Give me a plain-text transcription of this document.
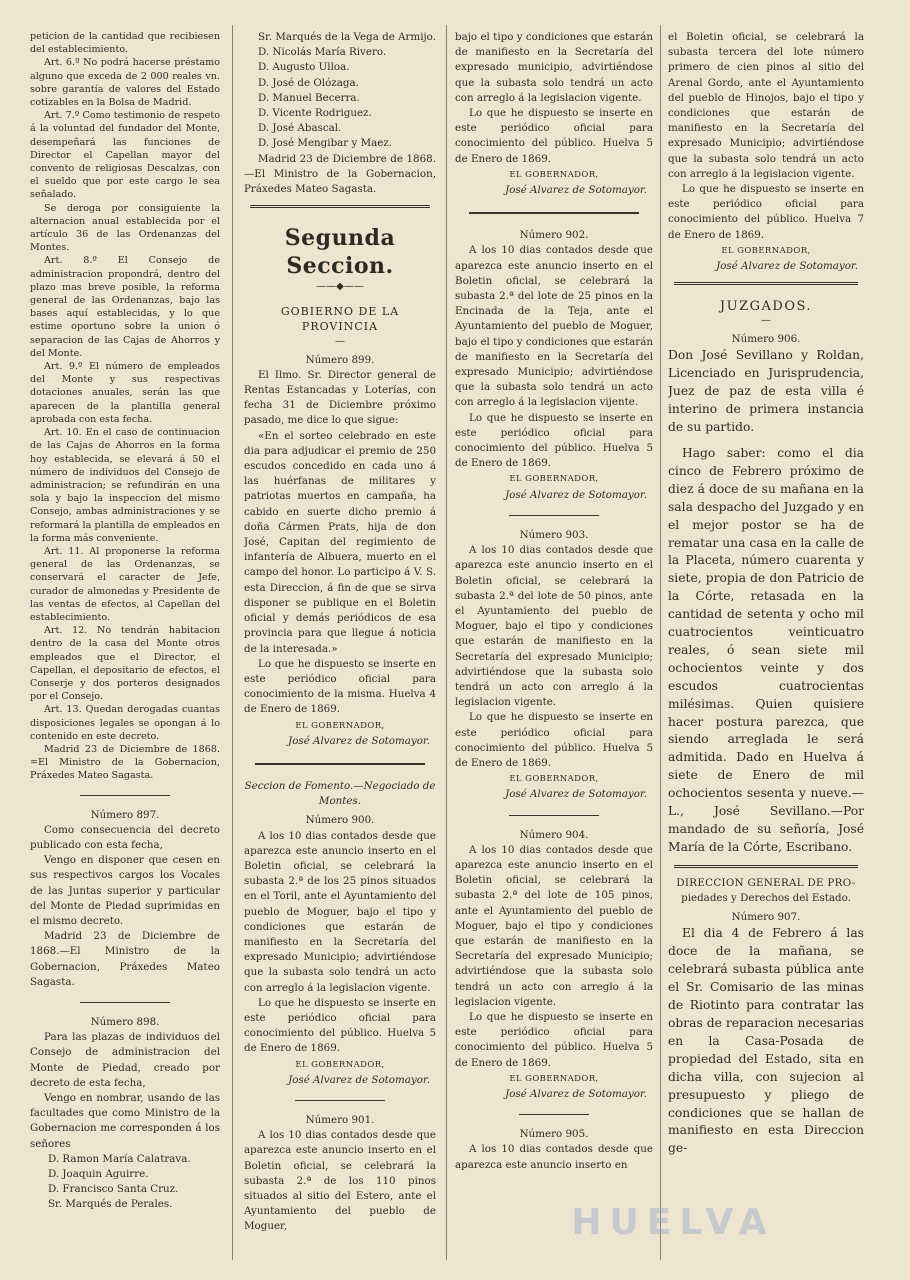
peticion de la cantidad que recibiesen del establecimiento.

Art. 6.º No podrá hacerse préstamo alguno que exceda de 2 000 reales vn. sobre garantía de valores del Estado cotizables en la Bolsa de Madrid.

Art. 7.º Como testimonio de respeto á la voluntad del fundador del Monte, desempeñará las funciones de Director el Capellan mayor del convento de religiosas Descalzas, con el sueldo que por este cargo le sea señalado.

Se deroga por consiguiente la alternacion anual establecida por el artículo 36 de las Ordenanzas del Montes.

Art. 8.º El Consejo de administracion propondrá, dentro del plazo mas breve posible, la reforma general de las Ordenanzas, bajo las bases aquí establecidas, y lo que estime oportuno sobre la union ó separacion de las Cajas de Ahorros y del Monte.

Art. 9.º El número de empleados del Monte y sus respectivas dotaciones anuales, serán las que aparecen de la plantilla general aprobada con esta fecha.

Art. 10. En el caso de continuacion de las Cajas de Ahorros en la forma hoy establecida, se elevará á 50 el número de individuos del Consejo de administracion; se refundirán en una sola y bajo la inspeccion del mismo Consejo, ambas administraciones y se reformará la plantilla de empleados en la forma más conveniente.

Art. 11. Al proponerse la reforma general de las Ordenanzas, se conservará el caracter de Jefe, curador de almonedas y Presidente de las ventas de efectos, al Capellan del establecimiento.

Art. 12. No tendrán habitacion dentro de la casa del Monte otros empleados que el Director, el Capellan, el depositario de efectos, el Conserje y dos porteros designados por el Consejo.

Art. 13. Quedan derogadas cuantas disposiciones legales se opongan á lo contenido en este decreto.

Madrid 23 de Diciembre de 1868. =El Ministro de la Gobernacion, Práxedes Mateo Sagasta.

Número 897.

Como consecuencia del decreto publicado con esta fecha,

Vengo en disponer que cesen en sus respectivos cargos los Vocales de las Juntas superior y particular del Monte de Piedad suprimidas en el mismo decreto.

Madrid 23 de Diciembre de 1868.—El Ministro de la Gobernacion, Práxedes Mateo Sagasta.

Número 898.

Para las plazas de individuos del Consejo de administracion del Monte de Piedad, creado por decreto de esta fecha,

Vengo en nombrar, usando de las facultades que como Ministro de la Gobernacion me corresponden á los señores

D. Ramon María Calatrava.
D. Joaquin Aguirre.
D. Francisco Santa Cruz.
Sr. Marqués de Perales.
Sr. Marqués de la Vega de Armijo.
D. Nicolás María Rivero.
D. Augusto Ulloa.
D. José de Olózaga.
D. Manuel Becerra.
D. Vicente Rodriguez.
D. José Abascal.
D. José Mengibar y Maez.

Madrid 23 de Diciembre de 1868. —El Ministro de la Gobernacion, Práxedes Mateo Sagasta.

Segunda Seccion.
——◆——
GOBIERNO DE LA PROVINCIA
—

Número 899.

El Ilmo. Sr. Director general de Rentas Estancadas y Loterías, con fecha 31 de Diciembre próximo pasado, me dice lo que sigue:

«En el sorteo celebrado en este dia para adjudicar el premio de 250 escudos concedido en cada uno á las huérfanas de militares y patriotas muertos en campaña, ha cabido en suerte dicho premio á doña Cármen Prats, hija de don José, Capitan del regimiento de infantería de Albuera, muerto en el campo del honor. Lo participo á V. S. esta Direccion, á fin de que se sirva disponer se publique en el Boletin oficial y demás periódicos de esa provincia para que llegue á noticia de la interesada.»

Lo que he dispuesto se inserte en este periódico oficial para conocimiento de la misma. Huelva 4 de Enero de 1869.

EL GOBERNADOR,

José Alvarez de Sotomayor.

Seccion de Fomento.—Negociado de Montes.

Número 900.

A los 10 dias contados desde que aparezca este anuncio inserto en el Boletin oficial, se celebrará la subasta 2.ª de los 25 pinos situados en el Toril, ante el Ayuntamiento del pueblo de Moguer, bajo el tipo y condiciones que estarán de manifiesto en la Secretaría del expresado Municipio; advirtiéndose que la subasta solo tendrá un acto con arreglo á la legislacion vigente.

Lo que he dispuesto se inserte en este periódico oficial para conocimiento del público. Huelva 5 de Enero de 1869.

EL GOBERNADOR,

José Alvarez de Sotomayor.

Número 901.

A los 10 dias contados desde que aparezca este anuncio inserto en el Boletin oficial, se celebrará la subasta 2.ª de los 110 pinos situados al sitio del Estero, ante el Ayuntamiento del pueblo de Moguer,

bajo el tipo y condiciones que estarán de manifiesto en la Secretaría del expresado municipio, advirtiéndose que la subasta solo tendrá un acto con arreglo á la legislacion vigente.

Lo que he dispuesto se inserte en este periódico oficial para conocimiento del público. Huelva 5 de Enero de 1869.

EL GOBERNADOR,

José Alvarez de Sotomayor.

Número 902.

A los 10 dias contados desde que aparezca este anuncio inserto en el Boletin oficial, se celebrará la subasta 2.ª del lote de 25 pinos en la Encinada de la Teja, ante el Ayuntamiento del pueblo de Moguer, bajo el tipo y condiciones que estarán de manifiesto en la Secretaría del expresado Municipio; advirtiéndose que la subasta solo tendrá un acto con arreglo á la legislacion vijente.

Lo que he dispuesto se inserte en este periódico oficial para conocimiento del público. Huelva 5 de Enero de 1869.

EL GOBERNADOR,

José Alvarez de Sotomayor.

Número 903.

A los 10 dias contados desde que aparezca este anuncio inserto en el Boletin oficial, se celebrará la subasta 2.ª del lote de 50 pinos, ante el Ayuntamiento del pueblo de Moguer, bajo el tipo y condiciones que estarán de manifiesto en la Secretaría del expresado Municipio; advirtiéndose que la subasta solo tendrá un acto con arreglo á la legislacion vigente.

Lo que he dispuesto se inserte en este periódico oficial para conocimiento del público. Huelva 5 de Enero de 1869.

EL GOBERNADOR,

José Alvarez de Sotomayor.

Número 904.

A los 10 dias contados desde que aparezca este anuncio inserto en el Boletin oficial, se celebrará la subasta 2.ª del lote de 105 pinos, ante el Ayuntamiento del pueblo de Moguer, bajo el tipo y condiciones que estarán de manifiesto en la Secretaría del expresado Municipio; advirtiéndose que la subasta solo tendrá un acto con arreglo á la legislacion vigente.

Lo que he dispuesto se inserte en este periódico oficial para conocimiento del público. Huelva 5 de Enero de 1869.

EL GOBERNADOR,

José Alvarez de Sotomayor.

Número 905.

A los 10 dias contados desde que aparezca este anuncio inserto en

el Boletin oficial, se celebrará la subasta tercera del lote número primero de cien pinos al sitio del Arenal Gordo, ante el Ayuntamiento del pueblo de Hinojos, bajo el tipo y condiciones que estarán de manifiesto en la Secretaría del expresado Municipio; advirtiéndose que la subasta solo tendrá un acto con arreglo á la legislacion vigente.

Lo que he dispuesto se inserte en este periódico oficial para conocimiento del público. Huelva 7 de Enero de 1869.

EL GOBERNADOR,

José Alvarez de Sotomayor.

JUZGADOS.
—

Número 906.

Don José Sevillano y Roldan, Licenciado en Jurisprudencia, Juez de paz de esta villa é interino de primera instancia de su partido.

Hago saber: como el dia cinco de Febrero próximo de diez á doce de su mañana en la sala despacho del Juzgado y en el mejor postor se ha de rematar una casa en la calle de la Placeta, número cuarenta y siete, propia de don Patricio de la Córte, retasada en la cantidad de setenta y ocho mil cuatrocientos veinticuatro reales, ó sean siete mil ochocientos veinte y dos escudos cuatrocientas milésimas. Quien quisiere hacer postura parezca, que siendo arreglada le será admitida. Dado en Huelva á siete de Enero de mil ochocientos sesenta y nueve.—L., José Sevillano.—Por mandado de su señoría, José María de la Córte, Escribano.

DIRECCION GENERAL DE PRO-

piedades y Derechos del Estado.

Número 907.

El dia 4 de Febrero á las doce de la mañana, se celebrará subasta pública ante el Sr. Comisario de las minas de Riotinto para contratar las obras de reparacion necesarias en la Casa-Posada de propiedad del Estado, sita en dicha villa, con sujecion al presupuesto y pliego de condiciones que se hallan de manifiesto en esta Direccion ge-

HUELVA
